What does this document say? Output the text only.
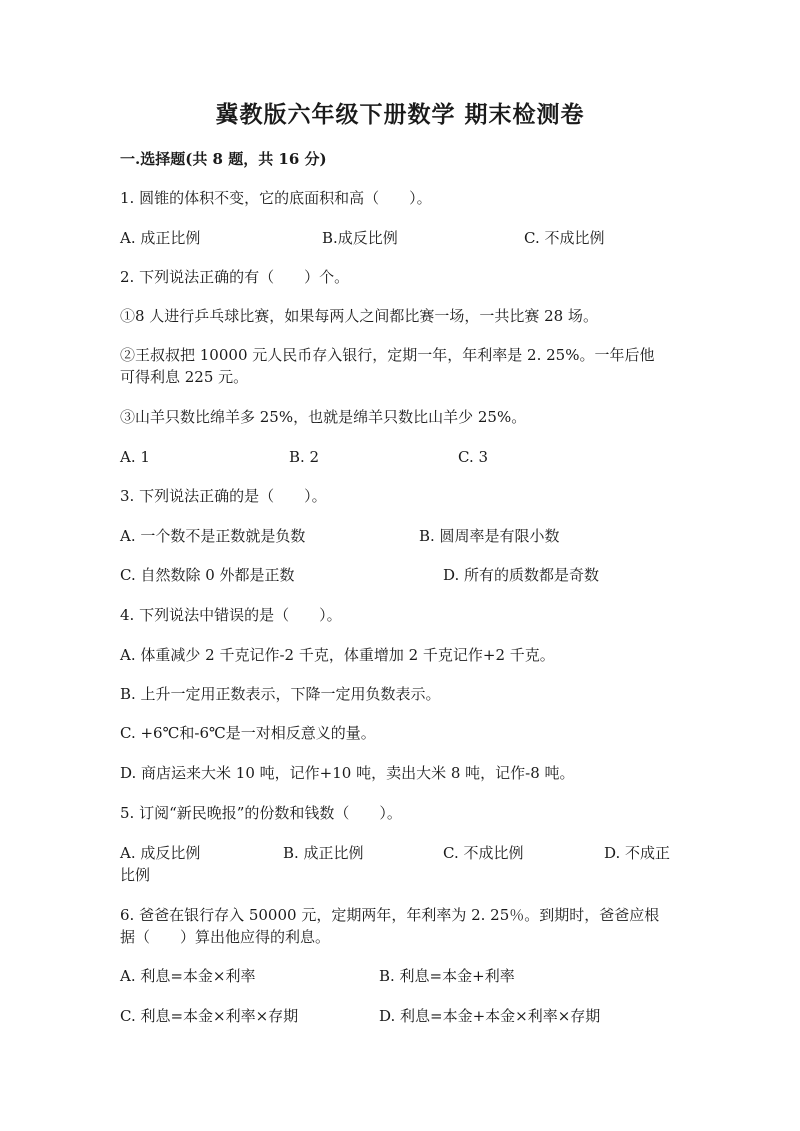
冀教版六年级下册数学 期末检测卷
一.选择题(共 8 题，共 16 分)
1. 圆锥的体积不变，它的底面积和高（　　）。
A. 成正比例	B.成反比例	C. 不成比例
2. 下列说法正确的有（　　）个。
①8 人进行乒乓球比赛，如果每两人之间都比赛一场，一共比赛 28 场。
②王叔叔把 10000 元人民币存入银行，定期一年，年利率是 2. 25%。一年后他
可得利息 225 元。
③山羊只数比绵羊多 25%，也就是绵羊只数比山羊少 25%。
A. 1	B. 2	C. 3
3. 下列说法正确的是（　　）。
A. 一个数不是正数就是负数	B. 圆周率是有限小数
C. 自然数除 0 外都是正数	D. 所有的质数都是奇数
4. 下列说法中错误的是（　　）。
A. 体重减少 2 千克记作-2 千克，体重增加 2 千克记作+2 千克。
B. 上升一定用正数表示，下降一定用负数表示。
C. +6℃和-6℃是一对相反意义的量。
D. 商店运来大米 10 吨，记作+10 吨，卖出大米 8 吨，记作-8 吨。
5. 订阅“新民晚报”的份数和钱数（　　）。
A. 成反比例	B. 成正比例	C. 不成比例	D. 不成正
比例
6. 爸爸在银行存入 50000 元，定期两年，年利率为 2. 25％。到期时，爸爸应根
据（　　）算出他应得的利息。
A. 利息=本金×利率	B. 利息=本金+利率
C. 利息=本金×利率×存期	D. 利息=本金+本金×利率×存期
